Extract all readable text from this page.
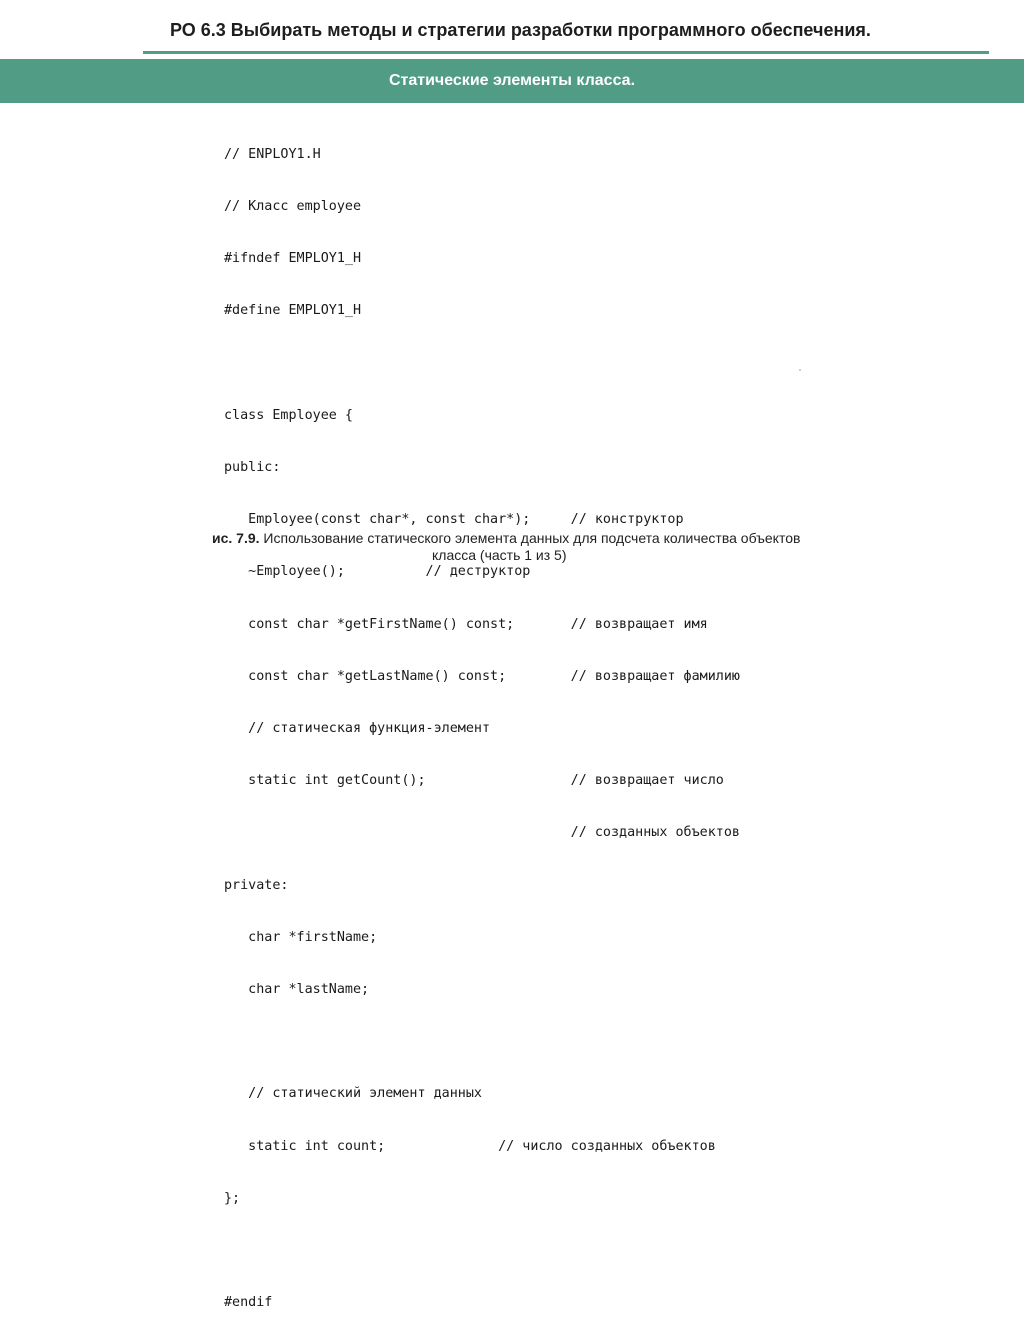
РО 6.3 Выбирать методы и стратегии разработки программного обеспечения.
Статические элементы класса.

// ENPLOY1.H

// Класс employee

#ifndef EMPLOY1_H

#define EMPLOY1_H

class Employee {

public:

Employee(const char*, const char*);     // конструктор

~Employee();          // деструктор

const char *getFirstName() const;       // возвращает имя

const char *getLastName() const;        // возвращает фамилию

// статическая функция-элемент

static int getCount();                  // возвращает число

// созданных объектов

private:

char *firstName;

char *lastName;

// статический элемент данных

static int count;              // число созданных объектов

};

#endif

ис. 7.9. Использование статического элемента данных для подсчета количества объектов
класса (часть 1 из 5)
